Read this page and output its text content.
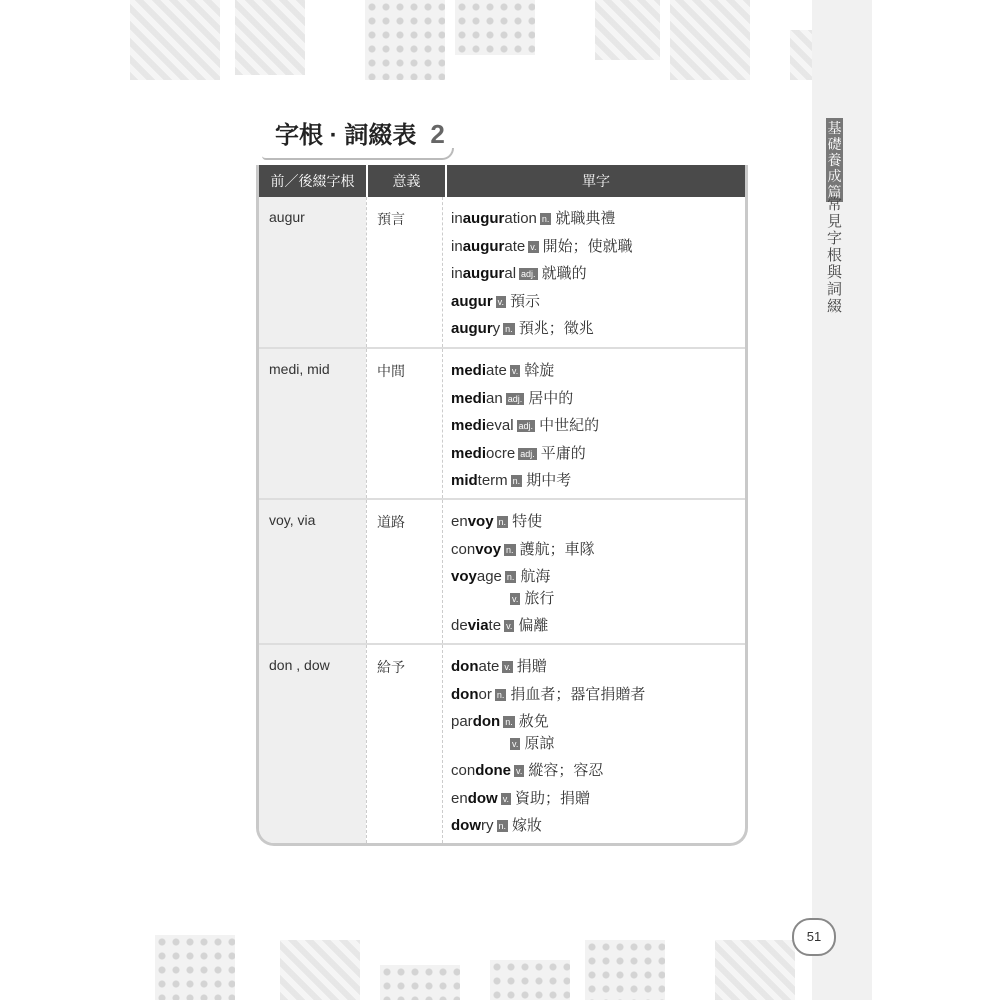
基礎養成篇
常見字根與詞綴
51
字根 · 詞綴表 2
前／後綴字根	意義	單字
augur	預言	inauguration n. 就職典禮
inaugurate v. 開始；使就職
inaugural adj. 就職的
augur v. 預示
augury n. 預兆；徵兆
medi, mid	中間	mediate v. 斡旋
median adj. 居中的
medieval adj. 中世紀的
mediocre adj. 平庸的
midterm n. 期中考
voy, via	道路	envoy n. 特使
convoy n. 護航；車隊
voyage n. 航海
v. 旅行
deviate v. 偏離
don , dow	給予	donate v. 捐贈
donor n. 捐血者；器官捐贈者
pardon n. 赦免
v. 原諒
condone v. 縱容；容忍
endow v. 資助；捐贈
dowry n. 嫁妝
